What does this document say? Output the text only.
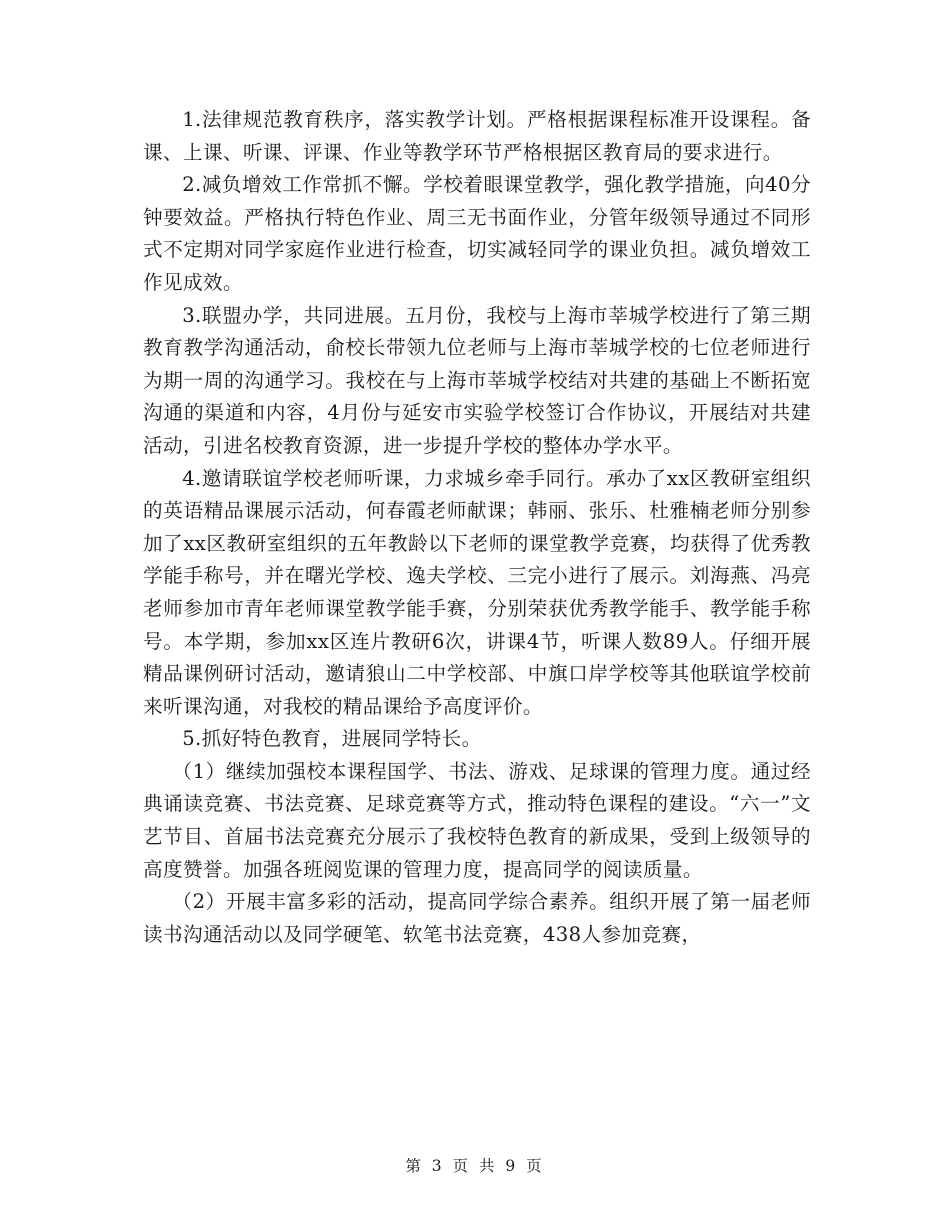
1.法律规范教育秩序，落实教学计划。严格根据课程标准开设课程。备课、上课、听课、评课、作业等教学环节严格根据区教育局的要求进行。

2.减负增效工作常抓不懈。学校着眼课堂教学，强化教学措施，向40分钟要效益。严格执行特色作业、周三无书面作业，分管年级领导通过不同形式不定期对同学家庭作业进行检查，切实减轻同学的课业负担。减负增效工作见成效。

3.联盟办学，共同进展。五月份，我校与上海市莘城学校进行了第三期教育教学沟通活动，俞校长带领九位老师与上海市莘城学校的七位老师进行为期一周的沟通学习。我校在与上海市莘城学校结对共建的基础上不断拓宽沟通的渠道和内容，4月份与延安市实验学校签订合作协议，开展结对共建活动，引进名校教育资源，进一步提升学校的整体办学水平。

4.邀请联谊学校老师听课，力求城乡牵手同行。承办了xx区教研室组织的英语精品课展示活动，何春霞老师献课；韩丽、张乐、杜雅楠老师分别参加了xx区教研室组织的五年教龄以下老师的课堂教学竞赛，均获得了优秀教学能手称号，并在曙光学校、逸夫学校、三完小进行了展示。刘海燕、冯亮老师参加市青年老师课堂教学能手赛，分别荣获优秀教学能手、教学能手称号。本学期，参加xx区连片教研6次，讲课4节，听课人数89人。仔细开展精品课例研讨活动，邀请狼山二中学校部、中旗口岸学校等其他联谊学校前来听课沟通，对我校的精品课给予高度评价。

5.抓好特色教育，进展同学特长。

（1）继续加强校本课程国学、书法、游戏、足球课的管理力度。通过经典诵读竞赛、书法竞赛、足球竞赛等方式，推动特色课程的建设。“六一”文艺节目、首届书法竞赛充分展示了我校特色教育的新成果，受到上级领导的高度赞誉。加强各班阅览课的管理力度，提高同学的阅读质量。

（2）开展丰富多彩的活动，提高同学综合素养。组织开展了第一届老师读书沟通活动以及同学硬笔、软笔书法竞赛，438人参加竞赛，

第 3 页 共 9 页
